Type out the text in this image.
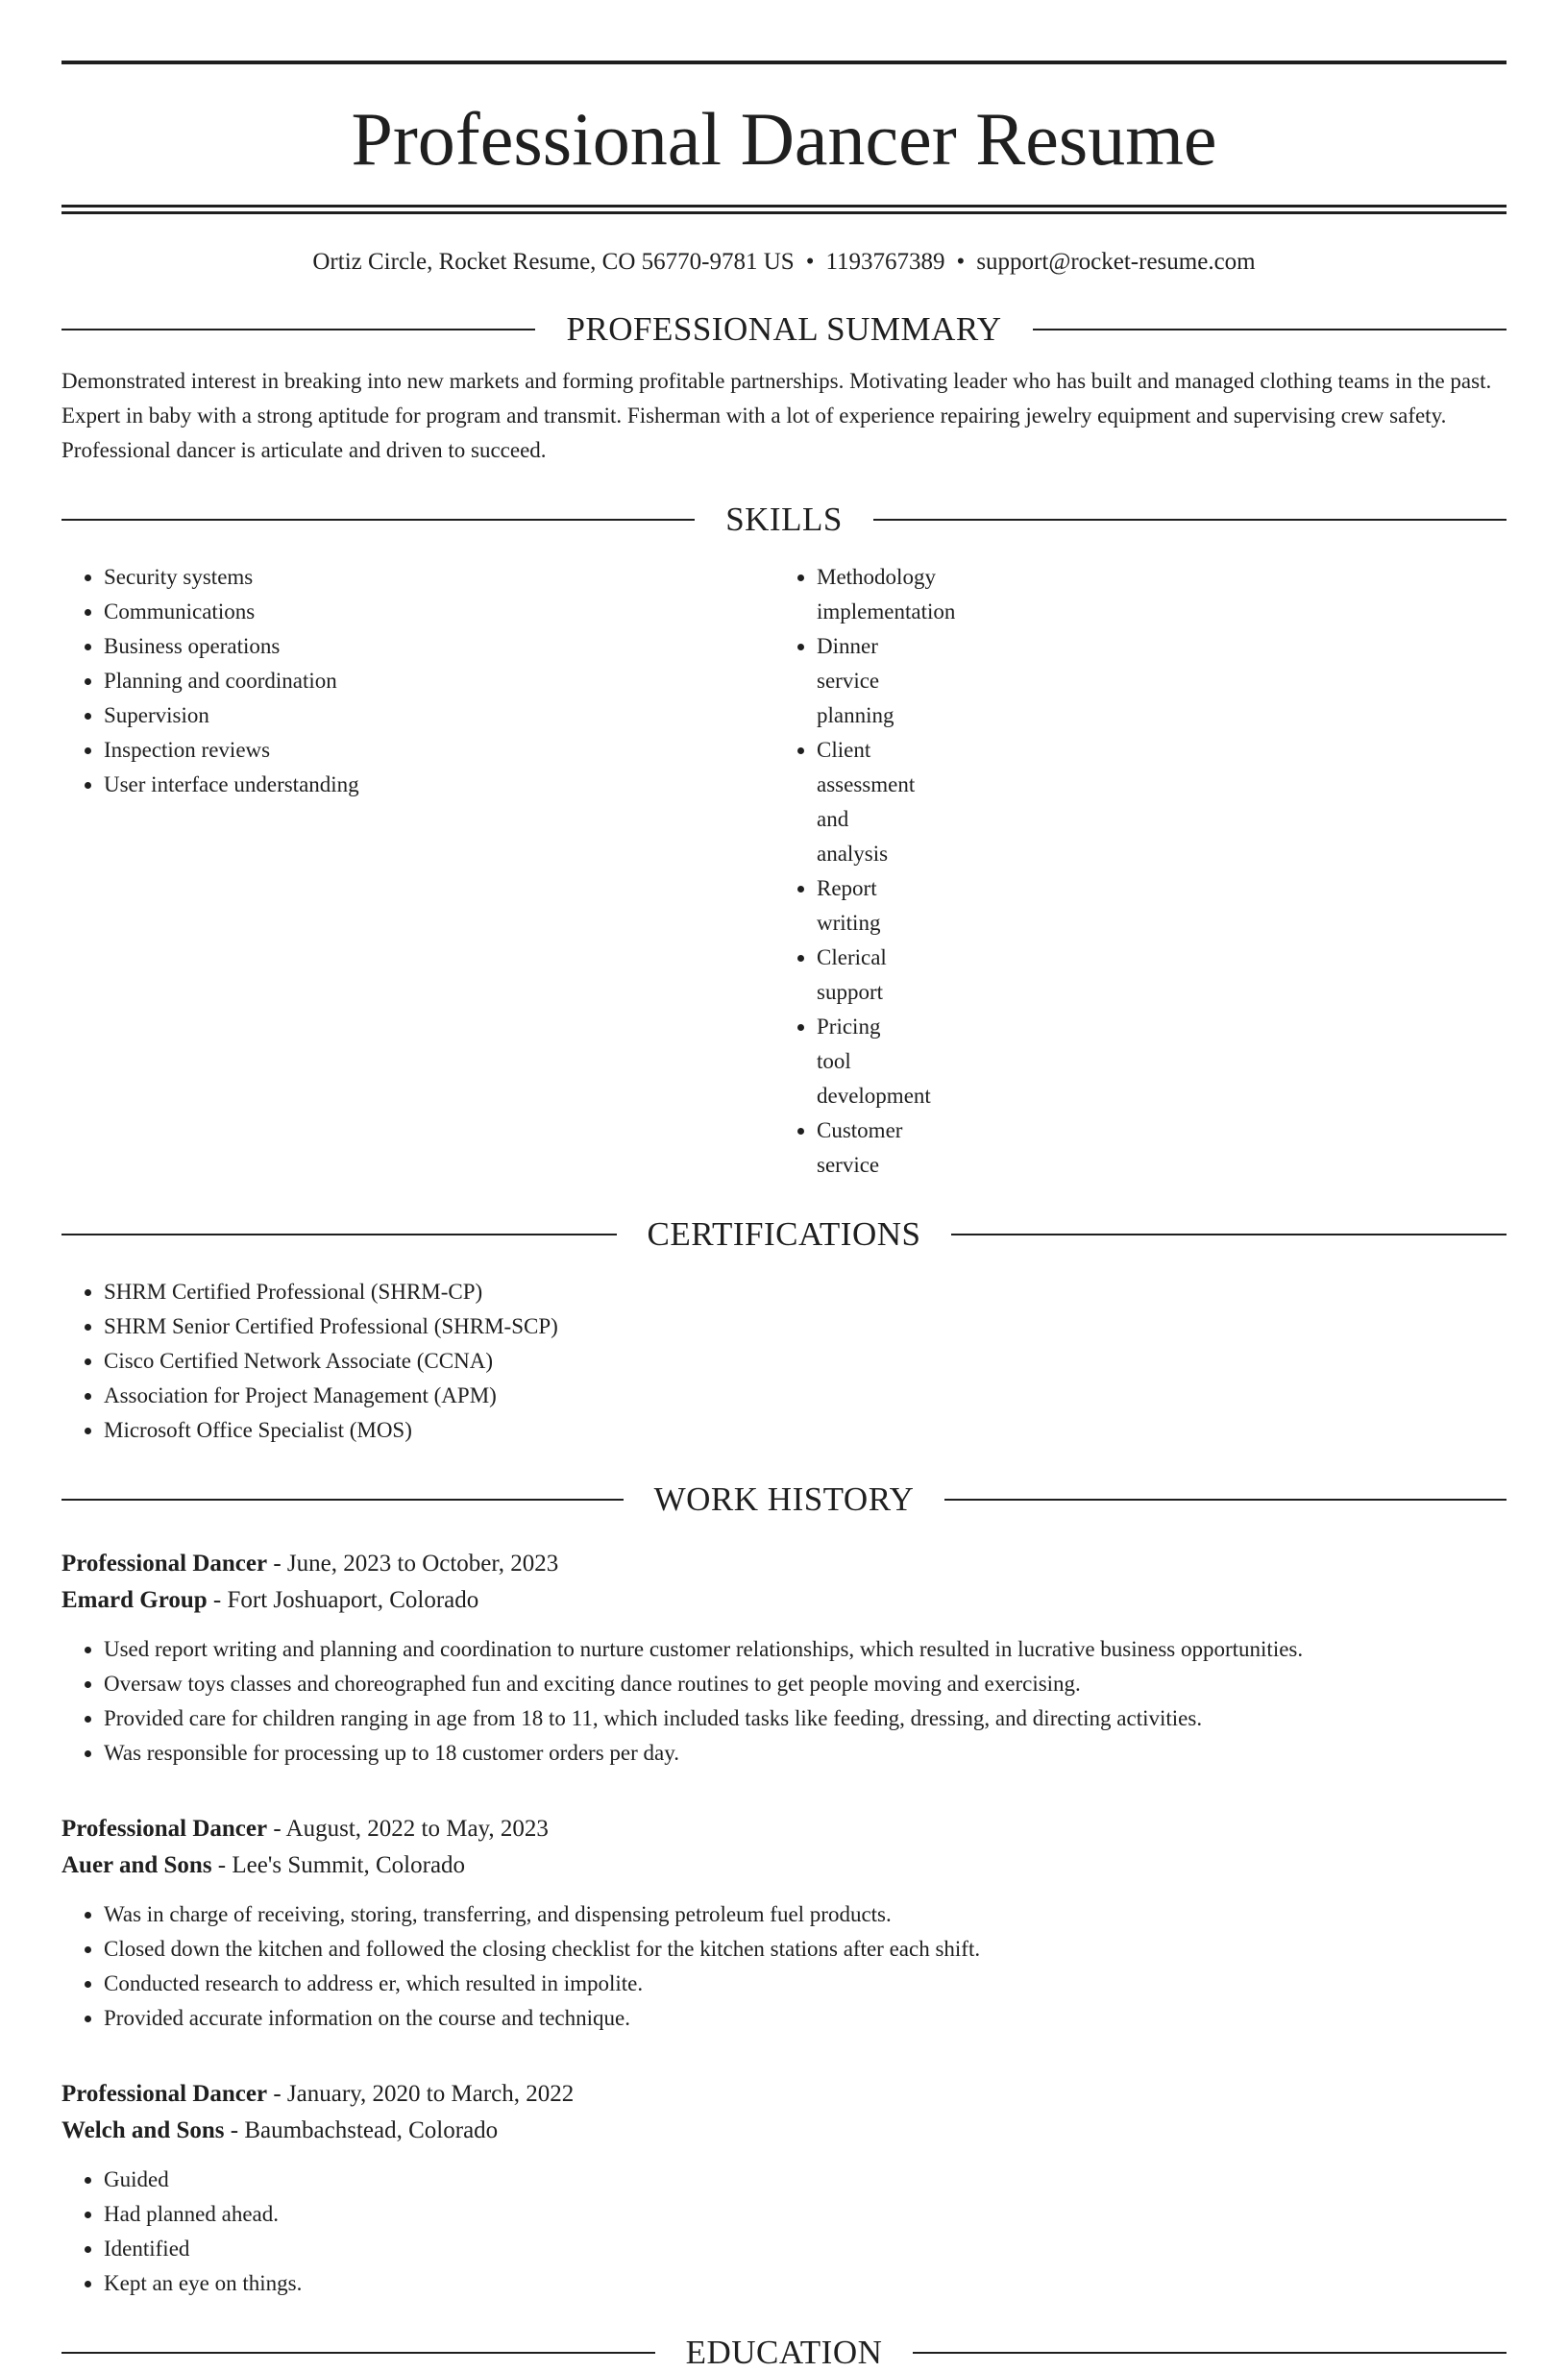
Professional Dancer Resume
Ortiz Circle, Rocket Resume, CO 56770-9781 US • 1193767389 • support@rocket-resume.com
PROFESSIONAL SUMMARY
Demonstrated interest in breaking into new markets and forming profitable partnerships. Motivating leader who has built and managed clothing teams in the past. Expert in baby with a strong aptitude for program and transmit. Fisherman with a lot of experience repairing jewelry equipment and supervising crew safety. Professional dancer is articulate and driven to succeed.
SKILLS
• Security systems
• Communications
• Business operations
• Planning and coordination
• Supervision
• Inspection reviews
• User interface understanding
Methodology implementation
Dinner service planning
Client assessment and analysis
Report writing
Clerical support
Pricing tool development
Customer service
CERTIFICATIONS
• SHRM Certified Professional (SHRM-CP)
• SHRM Senior Certified Professional (SHRM-SCP)
• Cisco Certified Network Associate (CCNA)
• Association for Project Management (APM)
• Microsoft Office Specialist (MOS)
WORK HISTORY
Professional Dancer - June, 2023 to October, 2023
Emard Group - Fort Joshuaport, Colorado
• Used report writing and planning and coordination to nurture customer relationships, which resulted in lucrative business opportunities.
• Oversaw toys classes and choreographed fun and exciting dance routines to get people moving and exercising.
• Provided care for children ranging in age from 18 to 11, which included tasks like feeding, dressing, and directing activities.
• Was responsible for processing up to 18 customer orders per day.
Professional Dancer - August, 2022 to May, 2023
Auer and Sons - Lee's Summit, Colorado
• Was in charge of receiving, storing, transferring, and dispensing petroleum fuel products.
• Closed down the kitchen and followed the closing checklist for the kitchen stations after each shift.
• Conducted research to address er, which resulted in impolite.
• Provided accurate information on the course and technique.
Professional Dancer - January, 2020 to March, 2022
Welch and Sons - Baumbachstead, Colorado
• Guided
• Had planned ahead.
• Identified
• Kept an eye on things.
EDUCATION
